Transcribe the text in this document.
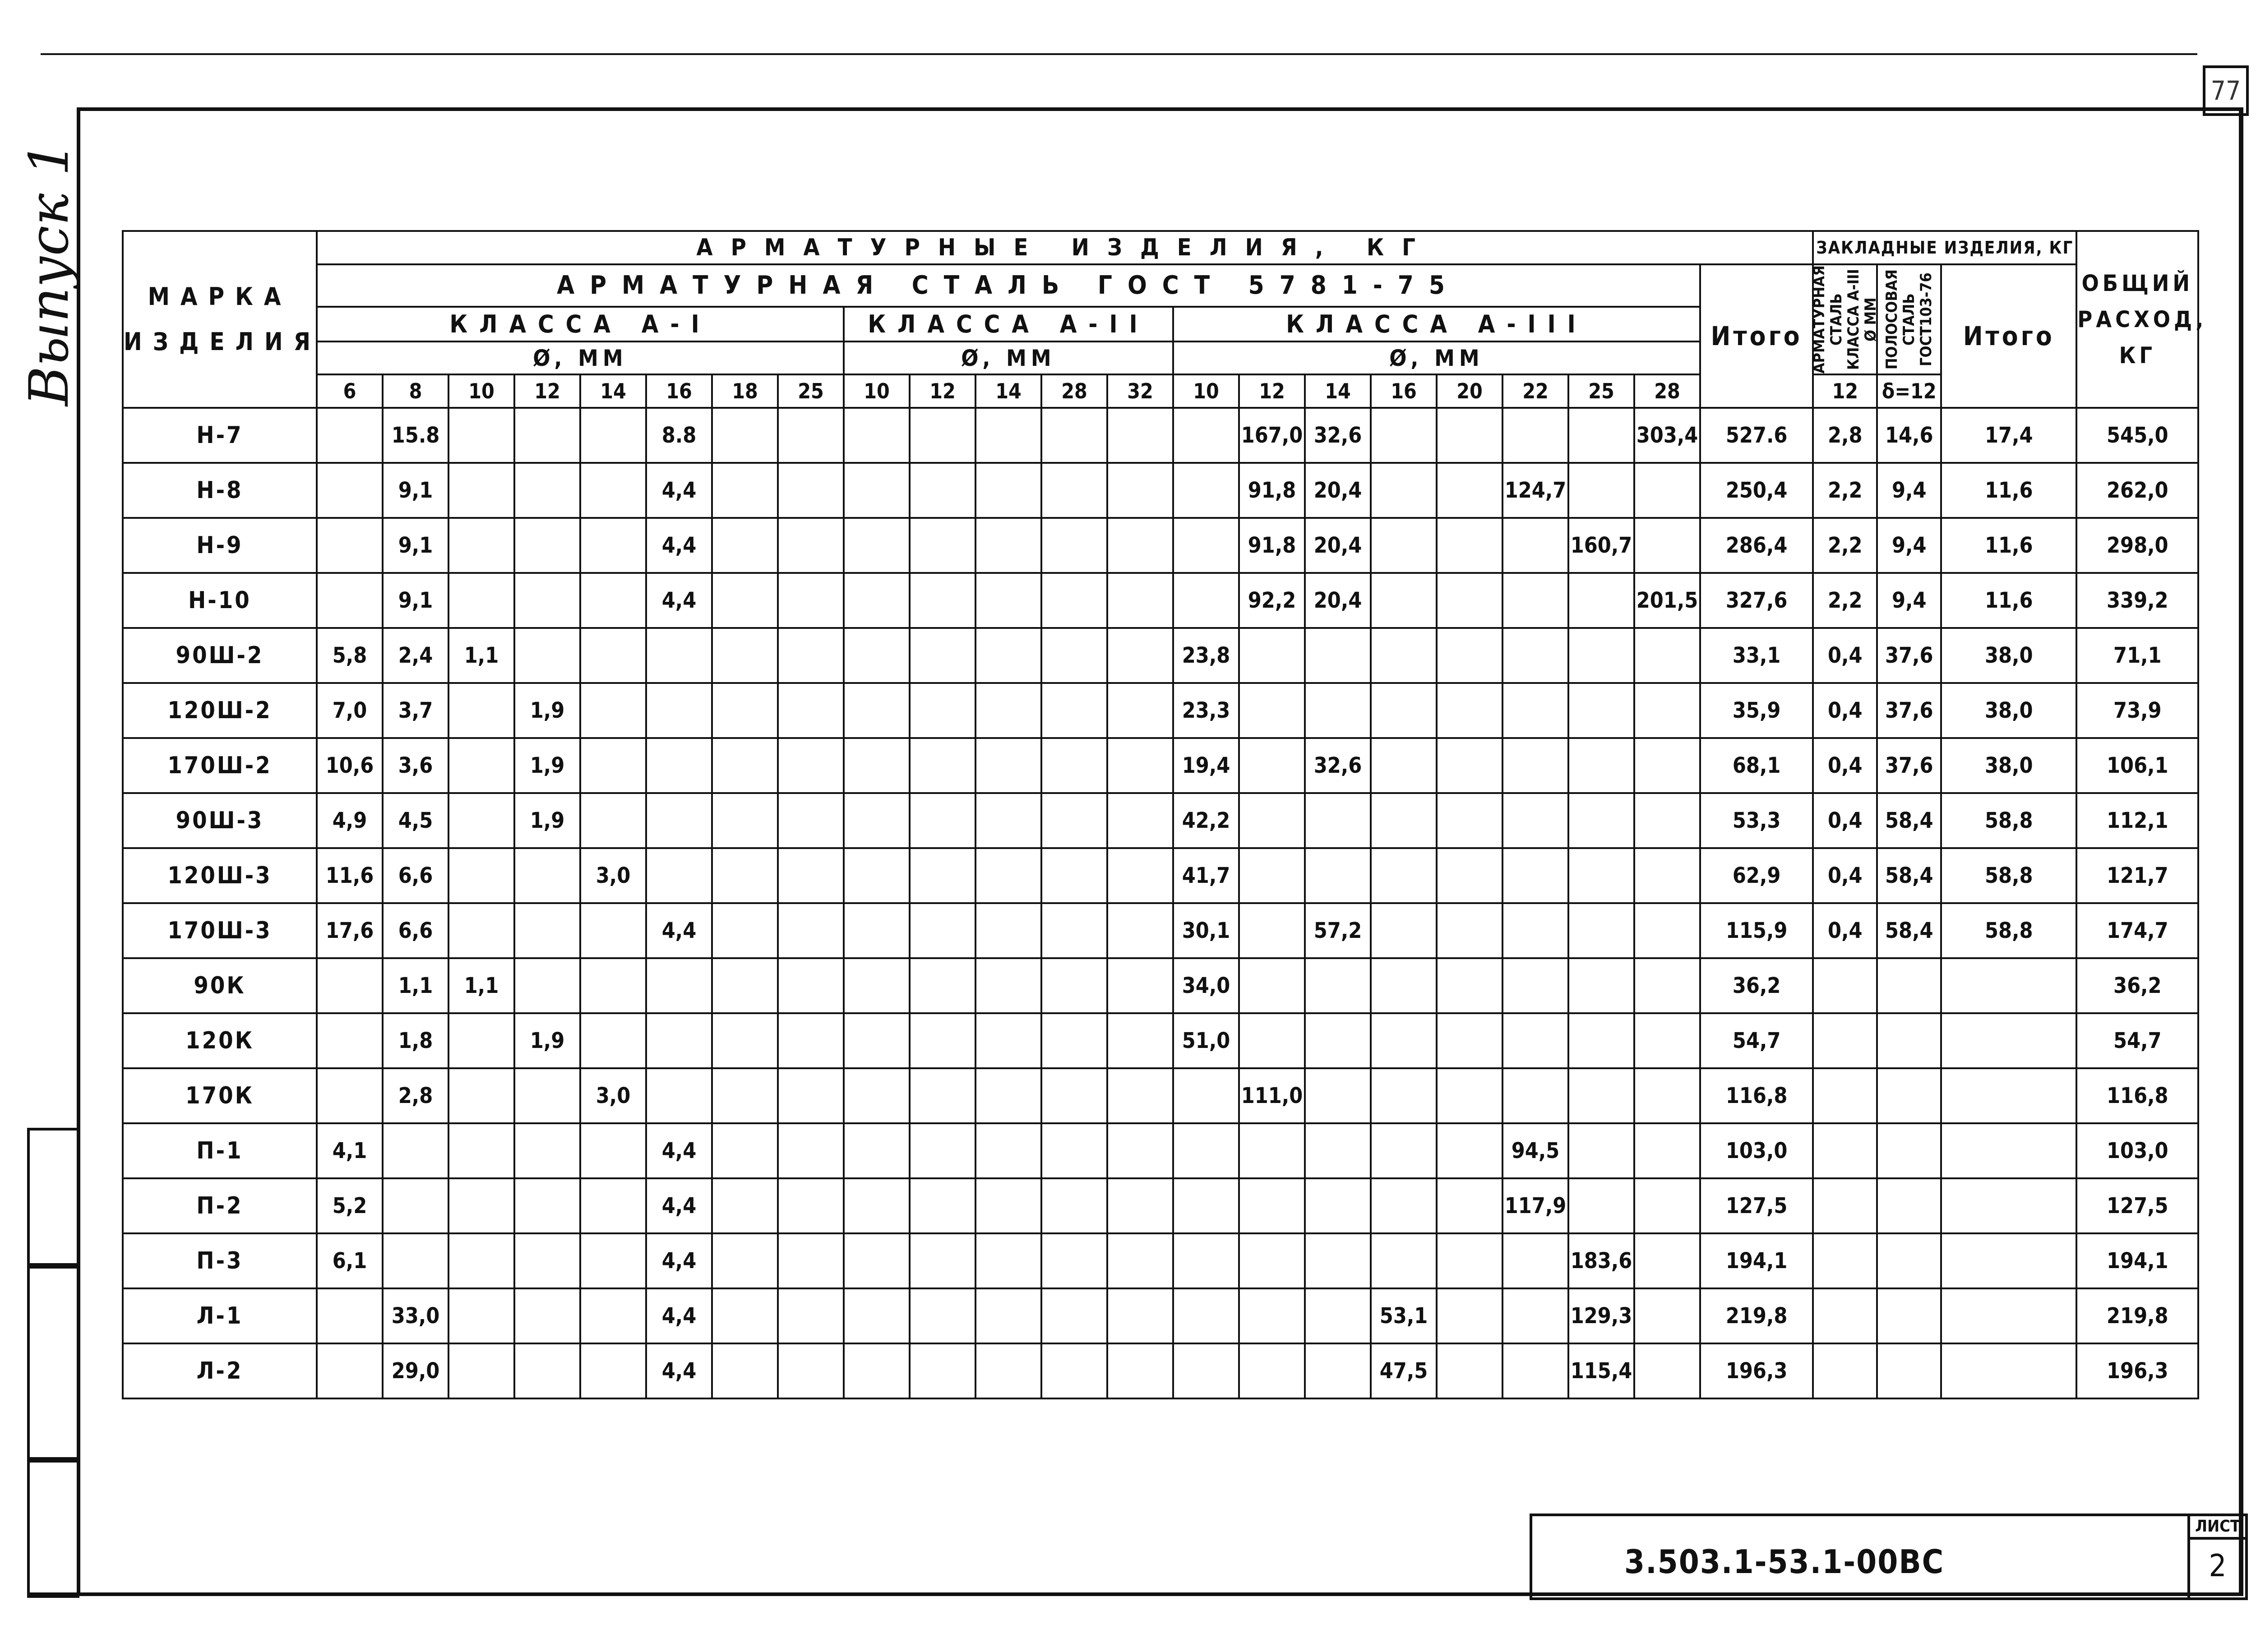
77
Выпуск 1	МАРКА ИЗДЕЛИЯ	АРМАТУРНЫЕ ИЗДЕЛИЯ, КГ																						ЗАКЛАДНЫЕ ИЗДЕЛИЯ, КГ			ОБЩИЙ РАСХОД, КГ
	АРМАТУРНАЯ СТАЛЬ ГОСТ 5781-75																					Итого	АРМАТУРНАЯ СТАЛЬ КЛАССА А-III Ø ММ	ПОЛОСОВАЯ СТАЛЬ ГОСТ103-76	Итого	
	КЛАССА А-I								КЛАССА А-II					КЛАССА А-III												
	Ø, ММ								Ø, ММ					Ø, ММ												
	6	8	10	12	14	16	18	25	10	12	14	28	32	10	12	14	16	20	22	25	28		12	δ=12		
Н-7		15.8				8.8									167,0	32,6					303,4	527.6	2,8	14,6	17,4	545,0
Н-8		9,1				4,4									91,8	20,4			124,7			250,4	2,2	9,4	11,6	262,0
Н-9		9,1				4,4									91,8	20,4				160,7		286,4	2,2	9,4	11,6	298,0
Н-10		9,1				4,4									92,2	20,4					201,5	327,6	2,2	9,4	11,6	339,2
90Ш-2	5,8	2,4	1,1											23,8								33,1	0,4	37,6	38,0	71,1
120Ш-2	7,0	3,7		1,9										23,3								35,9	0,4	37,6	38,0	73,9
170Ш-2	10,6	3,6		1,9										19,4		32,6						68,1	0,4	37,6	38,0	106,1
90Ш-3	4,9	4,5		1,9										42,2								53,3	0,4	58,4	58,8	112,1
120Ш-3	11,6	6,6			3,0									41,7								62,9	0,4	58,4	58,8	121,7
170Ш-3	17,6	6,6				4,4								30,1		57,2						115,9	0,4	58,4	58,8	174,7
90К		1,1	1,1											34,0								36,2				36,2
120К		1,8		1,9										51,0								54,7				54,7
170К		2,8			3,0										111,0							116,8				116,8
П-1	4,1					4,4													94,5			103,0				103,0
П-2	5,2					4,4													117,9			127,5				127,5
П-3	6,1					4,4														183,6		194,1				194,1
Л-1		33,0				4,4											53,1			129,3		219,8				219,8
Л-2		29,0				4,4											47,5			115,4		196,3				196,3
3.503.1-53.1-00ВС
ЛИСТ
2
